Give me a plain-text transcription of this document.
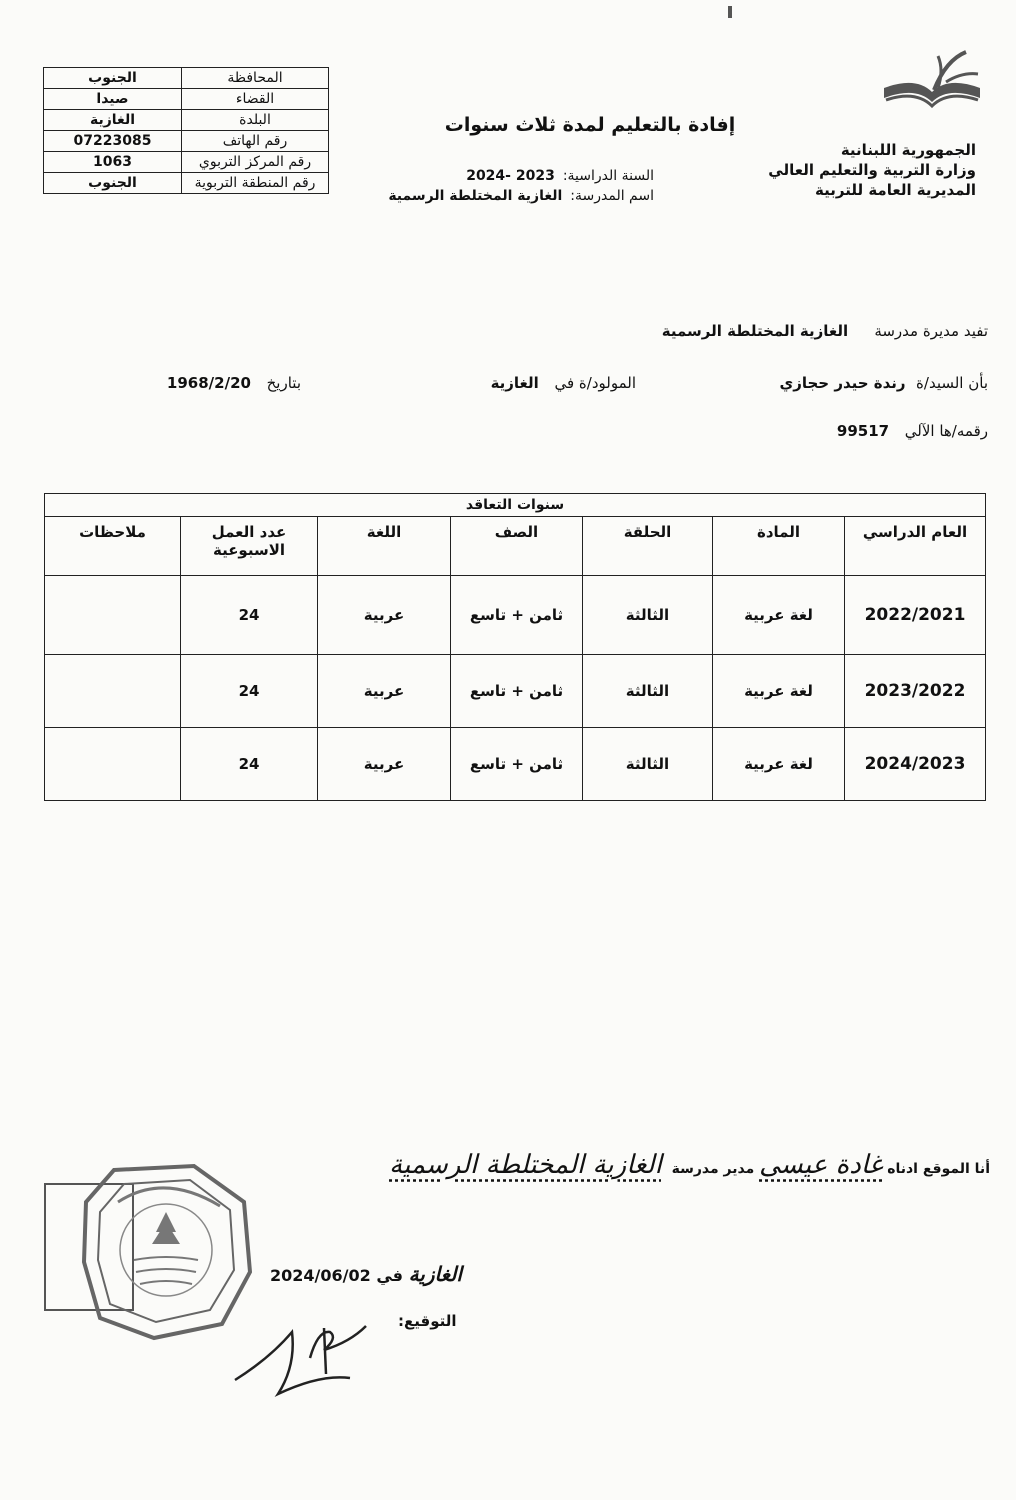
الجمهورية اللبنانية
وزارة التربية والتعليم العالي
المديرية العامة للتربية
إفادة بالتعليم لمدة ثلاث سنوات
السنة الدراسية:
2023 -2024
اسم المدرسة:
الغازية المختلطة الرسمية
المحافظة	الجنوب
القضاء	صيدا
البلدة	الغازية
رقم الهاتف	07223085
رقم المركز التربوي	1063
رقم المنطقة التربوية	الجنوب
تفيد مديرة مدرسة     الغازية المختلطة الرسمية
بأن السيد/ة  رندة حيدر حجازي
المولود/ة في   الغازية
بتاريخ   1968/2/20
رقمه/ها الآلي   99517
سنوات التعاقد						
العام الدراسي	المادة	الحلقة	الصف	اللغة	عدد العمل الاسبوعية	ملاحظات
2022/2021	لغة عربية	الثالثة	ثامن + تاسع	عربية	24	
2023/2022	لغة عربية	الثالثة	ثامن + تاسع	عربية	24	
2024/2023	لغة عربية	الثالثة	ثامن + تاسع	عربية	24	
أنا الموقع ادناه غادة عيسى مدير مدرسة  الغازية المختلطة الرسمية
الغازية في 2024/06/02
التوقيع:
